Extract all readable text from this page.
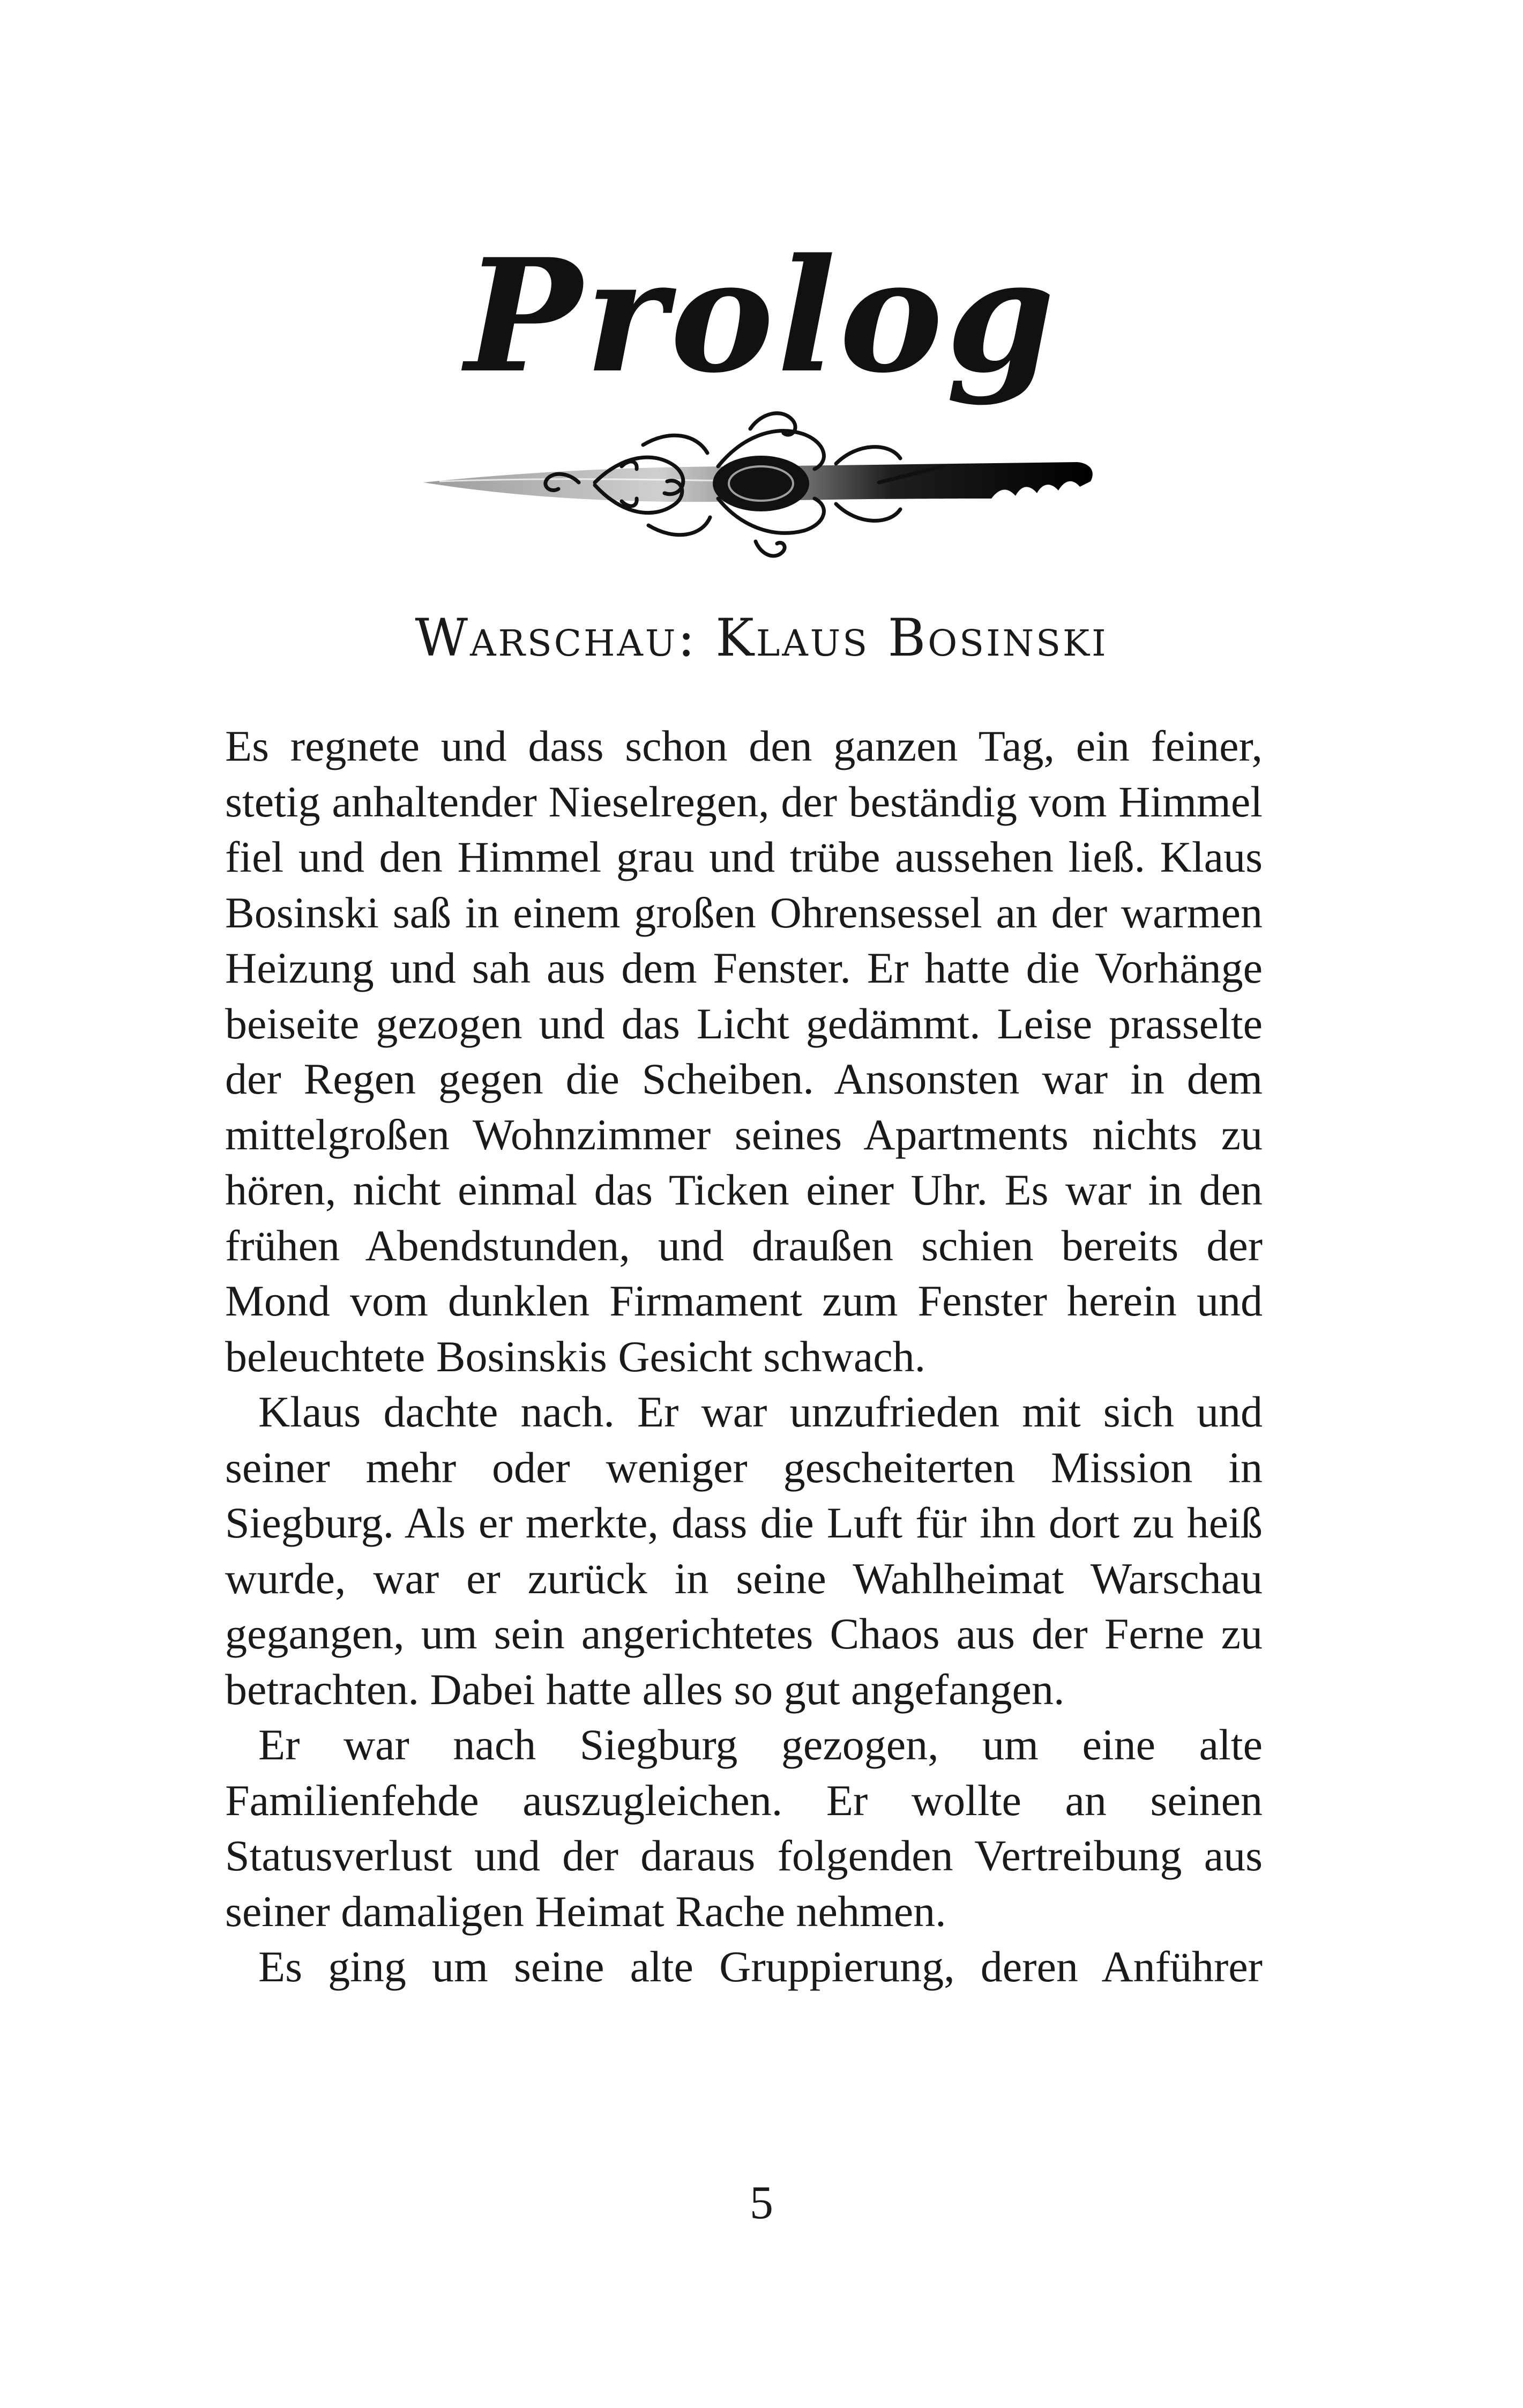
Prolog
Warschau: Klaus Bosinski

Es regnete und dass schon den ganzen Tag, ein feiner, stetig anhaltender Nieselregen, der beständig vom Himmel fiel und den Himmel grau und trübe aussehen ließ. Klaus Bosinski saß in einem großen Ohrensessel an der warmen Heizung und sah aus dem Fenster. Er hatte die Vorhänge beiseite gezogen und das Licht gedämmt. Leise prasselte der Regen gegen die Scheiben. Ansonsten war in dem mittelgroßen Wohnzimmer seines Apartments nichts zu hören, nicht einmal das Ticken einer Uhr. Es war in den frühen Abendstunden, und draußen schien bereits der Mond vom dunklen Firmament zum Fenster herein und beleuchtete Bosinskis Gesicht schwach.

Klaus dachte nach. Er war unzufrieden mit sich und seiner mehr oder weniger gescheiterten Mission in Siegburg. Als er merkte, dass die Luft für ihn dort zu heiß wurde, war er zurück in seine Wahlheimat Warschau gegangen, um sein angerichtetes Chaos aus der Ferne zu betrachten. Dabei hatte alles so gut angefangen.

Er war nach Siegburg gezogen, um eine alte Familienfehde auszugleichen. Er wollte an seinen Statusverlust und der daraus folgenden Vertreibung aus seiner damaligen Heimat Rache nehmen.

Es ging um seine alte Gruppierung, deren Anführer

5
